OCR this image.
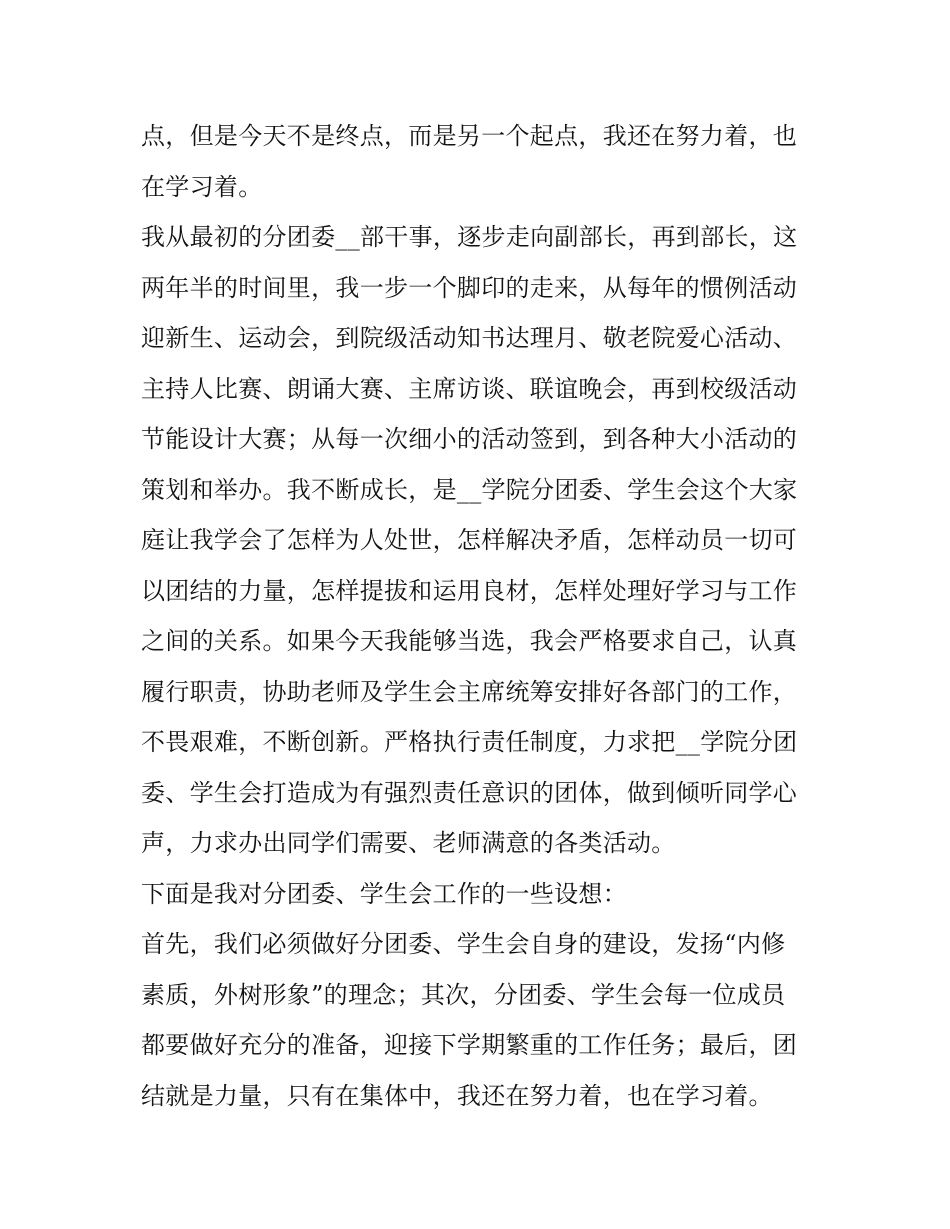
点，但是今天不是终点，而是另一个起点，我还在努力着，也
在学习着。
我从最初的分团委__部干事，逐步走向副部长，再到部长，这
两年半的时间里，我一步一个脚印的走来，从每年的惯例活动
迎新生、运动会，到院级活动知书达理月、敬老院爱心活动、
主持人比赛、朗诵大赛、主席访谈、联谊晚会，再到校级活动
节能设计大赛；从每一次细小的活动签到，到各种大小活动的
策划和举办。我不断成长，是__学院分团委、学生会这个大家
庭让我学会了怎样为人处世，怎样解决矛盾，怎样动员一切可
以团结的力量，怎样提拔和运用良材，怎样处理好学习与工作
之间的关系。如果今天我能够当选，我会严格要求自己，认真
履行职责，协助老师及学生会主席统筹安排好各部门的工作，
不畏艰难，不断创新。严格执行责任制度，力求把__学院分团
委、学生会打造成为有强烈责任意识的团体，做到倾听同学心
声，力求办出同学们需要、老师满意的各类活动。
下面是我对分团委、学生会工作的一些设想：
首先，我们必须做好分团委、学生会自身的建设，发扬“内修
素质，外树形象”的理念；其次，分团委、学生会每一位成员
都要做好充分的准备，迎接下学期繁重的工作任务；最后，团
结就是力量，只有在集体中，我还在努力着，也在学习着。
